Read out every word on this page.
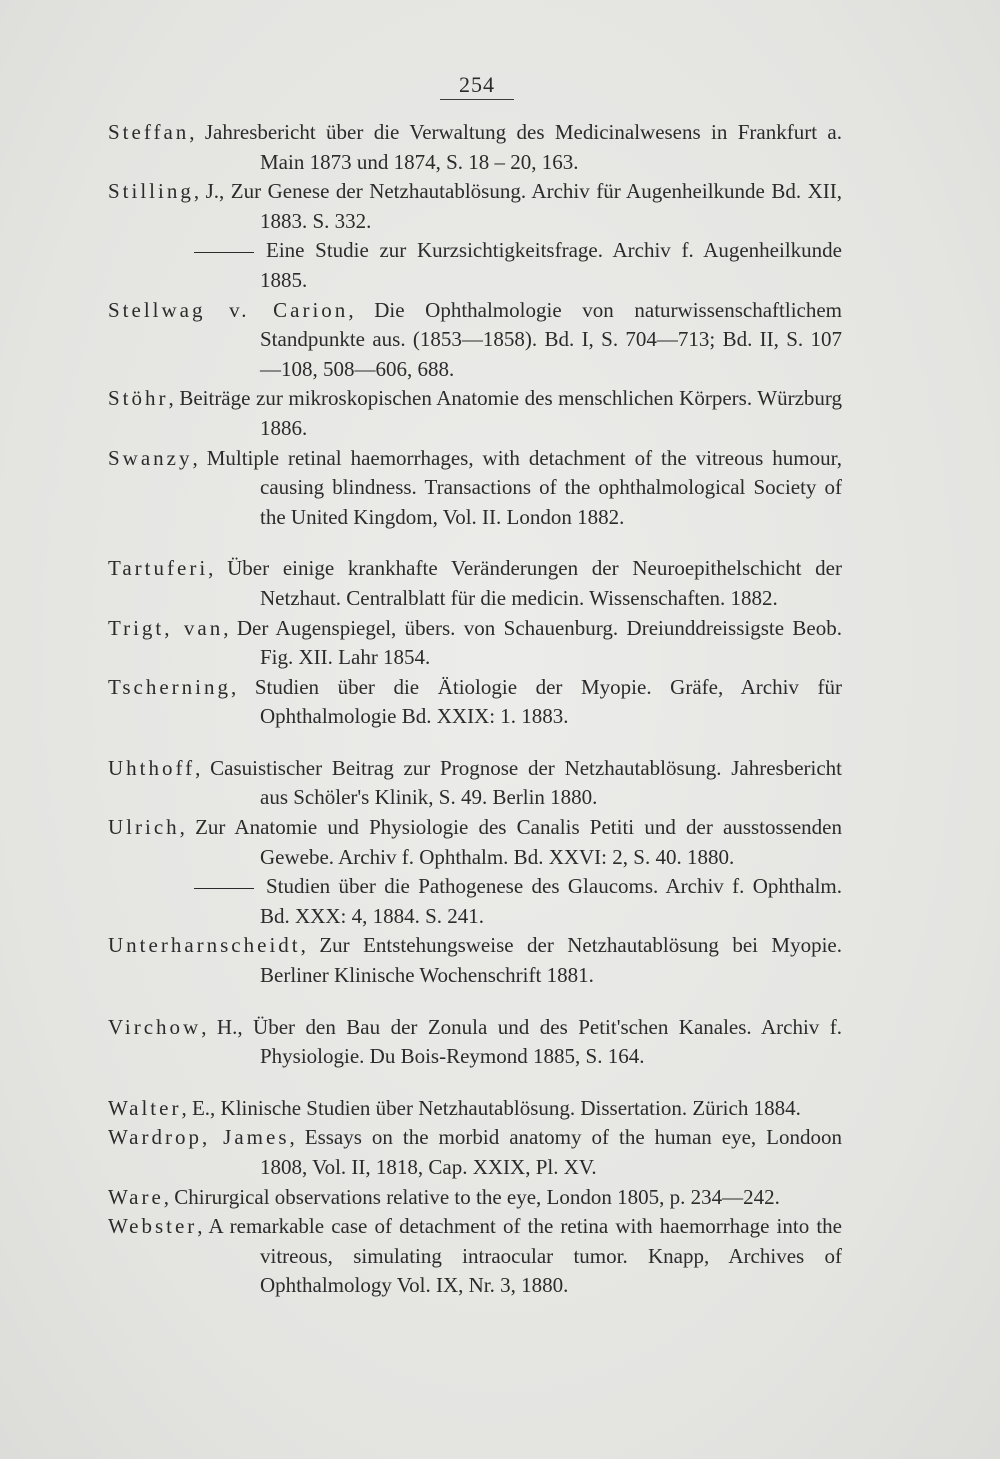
254

Steffan, Jahresbericht über die Verwaltung des Medicinalwesens in Frankfurt a. Main 1873 und 1874, S. 18 – 20, 163.

Stilling, J., Zur Genese der Netzhautablösung. Archiv für Augenheilkunde Bd. XII, 1883. S. 332.

Eine Studie zur Kurzsichtigkeitsfrage. Archiv f. Augenheilkunde 1885.

Stellwag v. Carion, Die Ophthalmologie von naturwissenschaftlichem Standpunkte aus. (1853—1858). Bd. I, S. 704—713; Bd. II, S. 107—108, 508—606, 688.

Stöhr, Beiträge zur mikroskopischen Anatomie des menschlichen Körpers. Würzburg 1886.

Swanzy, Multiple retinal haemorrhages, with detachment of the vitreous humour, causing blindness. Transactions of the ophthalmological Society of the United Kingdom, Vol. II. London 1882.

Tartuferi, Über einige krankhafte Veränderungen der Neuroepithelschicht der Netzhaut. Centralblatt für die medicin. Wissenschaften. 1882.

Trigt, van, Der Augenspiegel, übers. von Schauenburg. Dreiunddreissigste Beob. Fig. XII. Lahr 1854.

Tscherning, Studien über die Ätiologie der Myopie. Gräfe, Archiv für Ophthalmologie Bd. XXIX: 1. 1883.

Uhthoff, Casuistischer Beitrag zur Prognose der Netzhautablösung. Jahresbericht aus Schöler's Klinik, S. 49. Berlin 1880.

Ulrich, Zur Anatomie und Physiologie des Canalis Petiti und der ausstossenden Gewebe. Archiv f. Ophthalm. Bd. XXVI: 2, S. 40. 1880.

Studien über die Pathogenese des Glaucoms. Archiv f. Ophthalm. Bd. XXX: 4, 1884. S. 241.

Unterharnscheidt, Zur Entstehungsweise der Netzhautablösung bei Myopie. Berliner Klinische Wochenschrift 1881.

Virchow, H., Über den Bau der Zonula und des Petit'schen Kanales. Archiv f. Physiologie. Du Bois-Reymond 1885, S. 164.

Walter, E., Klinische Studien über Netzhautablösung. Dissertation. Zürich 1884.

Wardrop, James, Essays on the morbid anatomy of the human eye, Londoon 1808, Vol. II, 1818, Cap. XXIX, Pl. XV.

Ware, Chirurgical observations relative to the eye, London 1805, p. 234—242.

Webster, A remarkable case of detachment of the retina with haemorrhage into the vitreous, simulating intraocular tumor. Knapp, Archives of Ophthalmology Vol. IX, Nr. 3, 1880.
